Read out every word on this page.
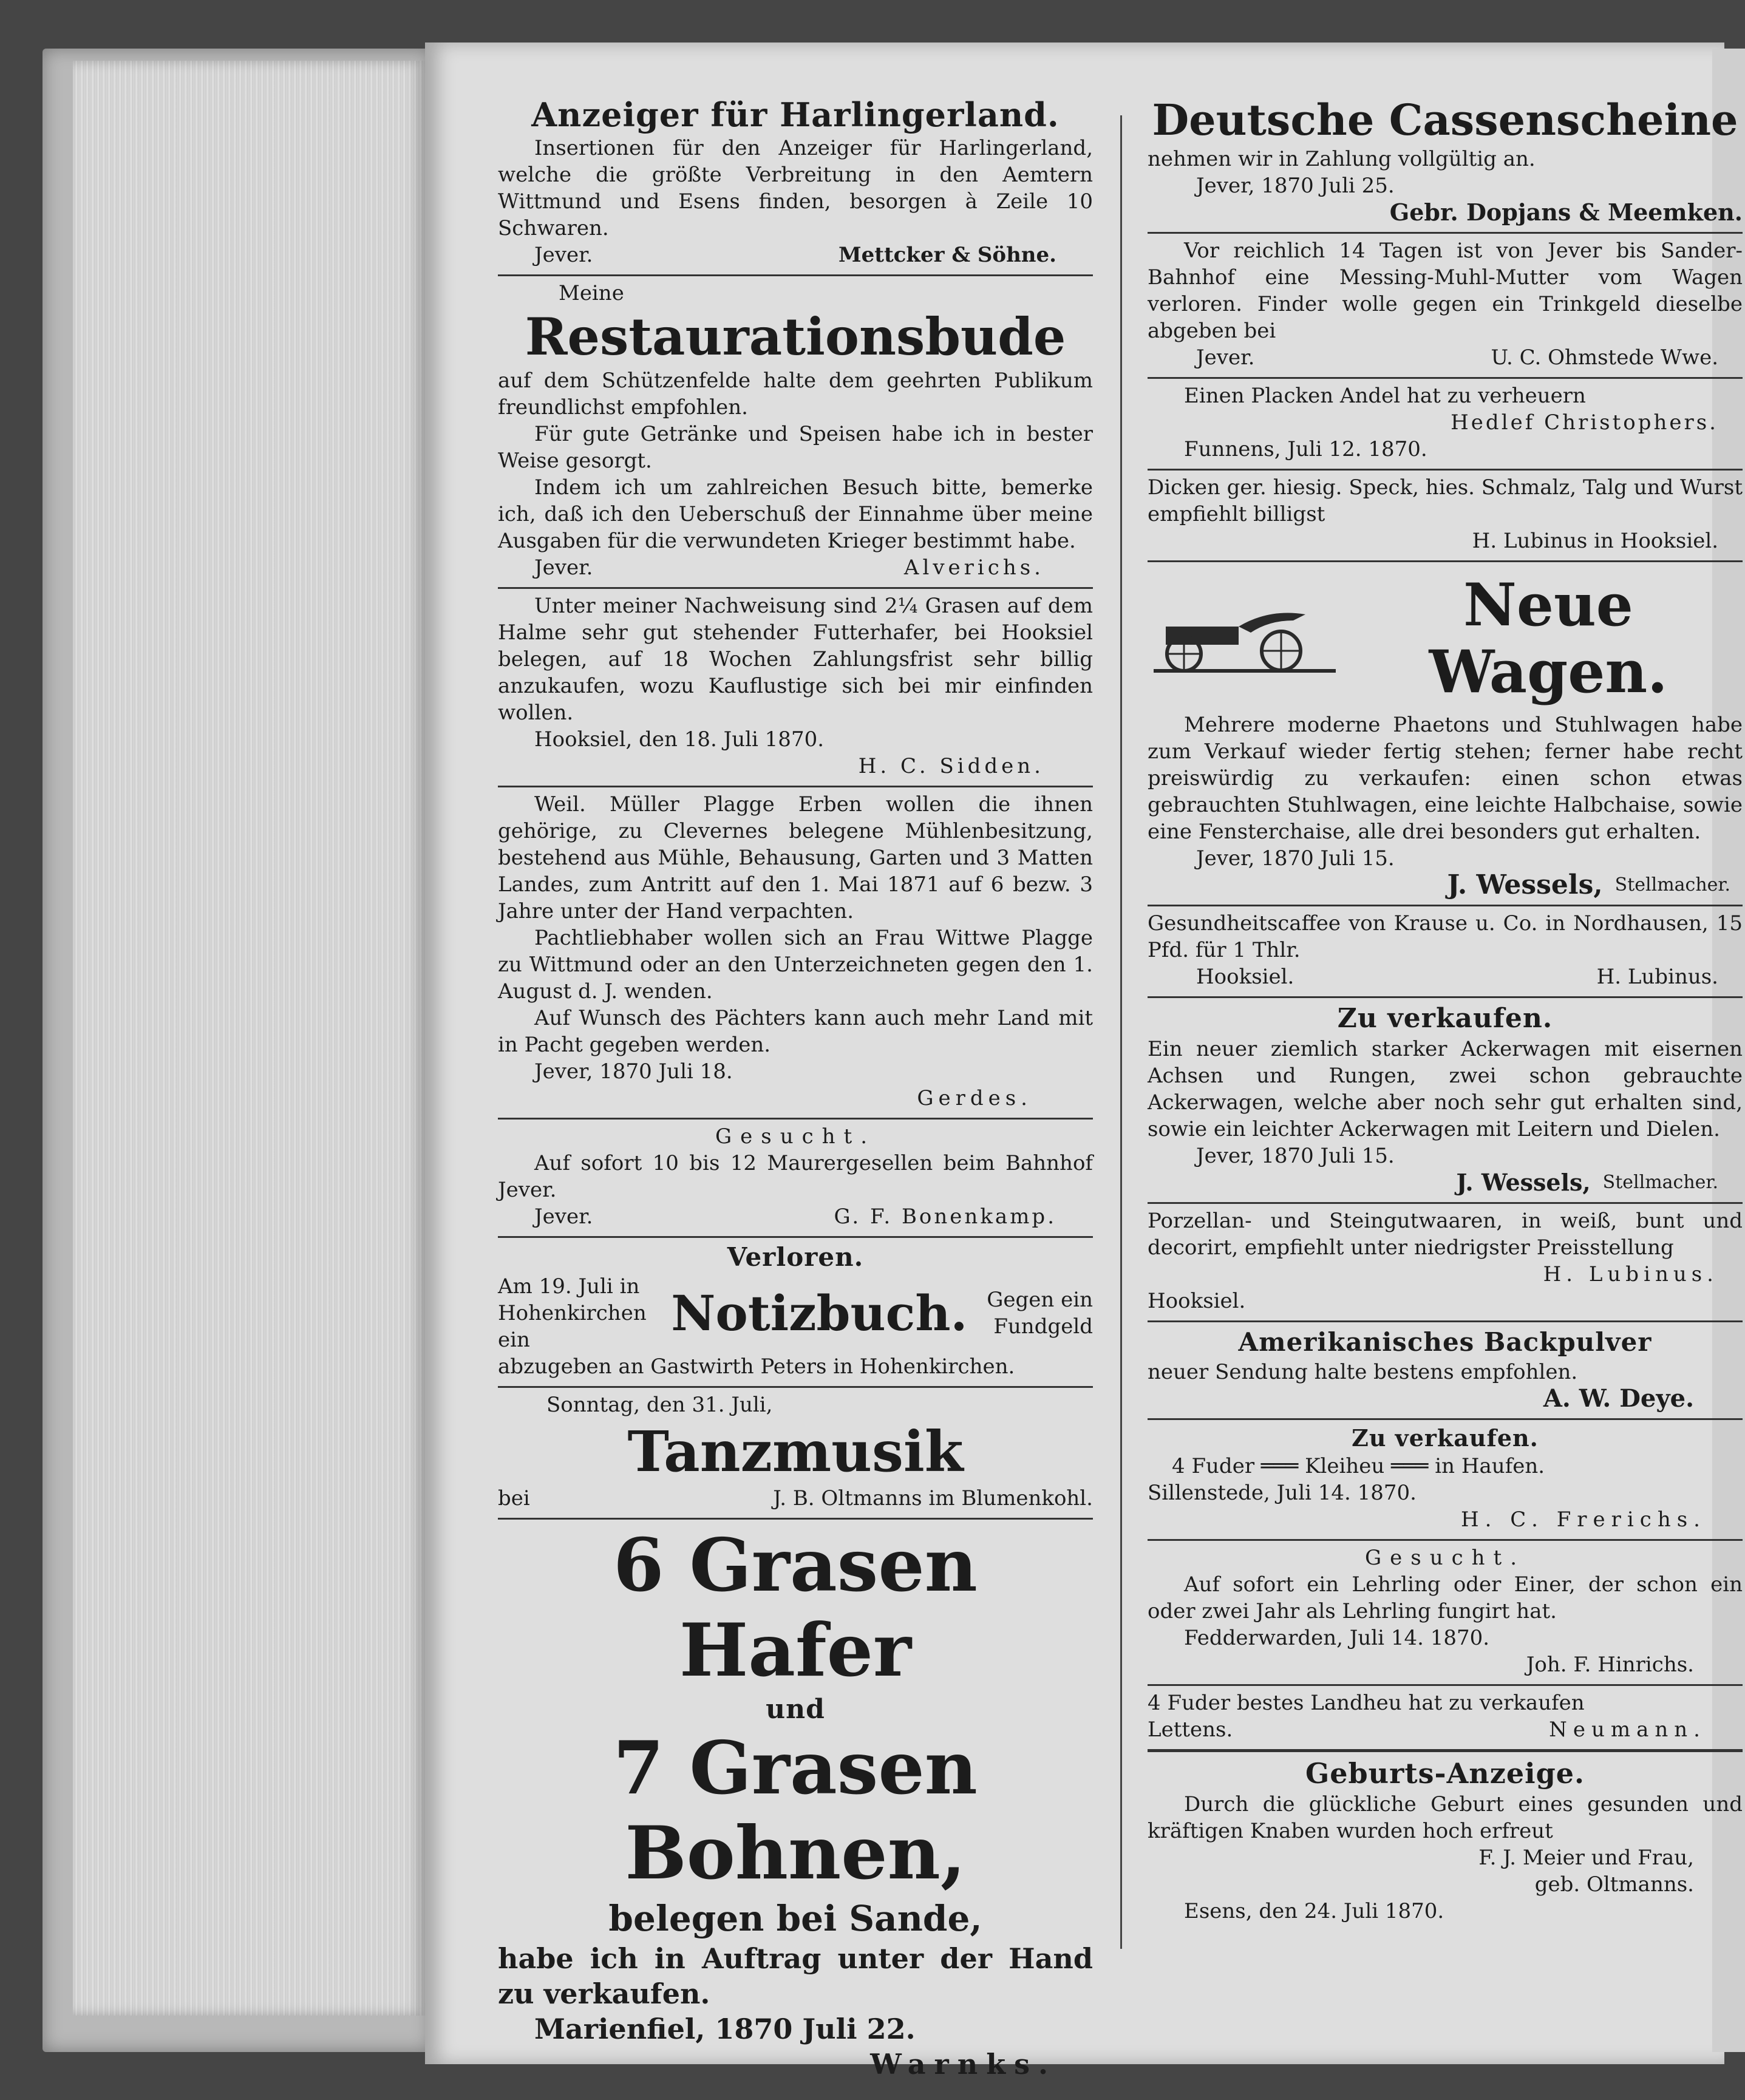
Anzeiger für Harlingerland.
Insertionen für den Anzeiger für Harlingerland, welche die größte Verbreitung in den Aemtern Wittmund und Esens finden, besorgen à Zeile 10 Schwaren.
Jever.	Mettcker & Söhne.
Meine
Restaurationsbude
auf dem Schützenfelde halte dem geehrten Publikum freundlichst empfohlen.
Für gute Getränke und Speisen habe ich in bester Weise gesorgt.
Indem ich um zahlreichen Besuch bitte, bemerke ich, daß ich den Ueberschuß der Einnahme über meine Ausgaben für die verwundeten Krieger bestimmt habe.
Jever.	Alverichs.
Unter meiner Nachweisung sind 2¼ Grasen auf dem Halme sehr gut stehender Futterhafer, bei Hooksiel belegen, auf 18 Wochen Zahlungsfrist sehr billig anzukaufen, wozu Kauflustige sich bei mir einfinden wollen.
Hooksiel, den 18. Juli 1870.
H. C. Sidden.
Weil. Müller Plagge Erben wollen die ihnen gehörige, zu Clevernes belegene Mühlenbesitzung, bestehend aus Mühle, Behausung, Garten und 3 Matten Landes, zum Antritt auf den 1. Mai 1871 auf 6 bezw. 3 Jahre unter der Hand verpachten.
Pachtliebhaber wollen sich an Frau Wittwe Plagge zu Wittmund oder an den Unterzeichneten gegen den 1. August d. J. wenden.
Auf Wunsch des Pächters kann auch mehr Land mit in Pacht gegeben werden.
Jever, 1870 Juli 18.
Gerdes.
Gesucht.
Auf sofort 10 bis 12 Maurergesellen beim Bahnhof Jever.
Jever.	G. F. Bonenkamp.
Verloren.
Am 19. Juli in Hohenkirchen ein	Notizbuch. Gegen ein Fundgeld
abzugeben an Gastwirth Peters in Hohenkirchen.
Sonntag, den 31. Juli,
Tanzmusik
bei	J. B. Oltmanns im Blumenkohl.
6 Grasen Hafer
und
7 Grasen Bohnen,
belegen bei Sande,
habe ich in Auftrag unter der Hand zu verkaufen.
Marienfiel, 1870 Juli 22.
Warnks.
Deutsche Cassenscheine
nehmen wir in Zahlung vollgültig an.
Jever, 1870 Juli 25.
Gebr. Dopjans & Meemken.
Vor reichlich 14 Tagen ist von Jever bis Sander-Bahnhof eine Messing-Muhl-Mutter vom Wagen verloren. Finder wolle gegen ein Trinkgeld dieselbe abgeben bei
Jever.	U. C. Ohmstede Wwe.
Einen Placken Andel hat zu verheuern
Hedlef Christophers.
Funnens, Juli 12. 1870.
Dicken ger. hiesig. Speck, hies. Schmalz, Talg und Wurst empfiehlt billigst
H. Lubinus in Hooksiel.
Neue Wagen.
Mehrere moderne Phaetons und Stuhlwagen habe zum Verkauf wieder fertig stehen; ferner habe recht preiswürdig zu verkaufen: einen schon etwas gebrauchten Stuhlwagen, eine leichte Halbchaise, sowie eine Fensterchaise, alle drei besonders gut erhalten.
Jever, 1870 Juli 15.
J. Wessels, Stellmacher.
Gesundheitscaffee von Krause u. Co. in Nordhausen, 15 Pfd. für 1 Thlr.
Hooksiel.	H. Lubinus.
Zu verkaufen.
Ein neuer ziemlich starker Ackerwagen mit eisernen Achsen und Rungen, zwei schon gebrauchte Ackerwagen, welche aber noch sehr gut erhalten sind, sowie ein leichter Ackerwagen mit Leitern und Dielen.
Jever, 1870 Juli 15.
J. Wessels, Stellmacher.
Porzellan- und Steingutwaaren, in weiß, bunt und decorirt, empfiehlt unter niedrigster Preisstellung
H. Lubinus.
Hooksiel.
Amerikanisches Backpulver
neuer Sendung halte bestens empfohlen.
A. W. Deye.
Zu verkaufen.
4 Fuder ═══ Kleiheu ═══ in Haufen.
Sillenstede, Juli 14. 1870.
H. C. Frerichs.
Gesucht.
Auf sofort ein Lehrling oder Einer, der schon ein oder zwei Jahr als Lehrling fungirt hat.
Fedderwarden, Juli 14. 1870.
Joh. F. Hinrichs.
4 Fuder bestes Landheu hat zu verkaufen
Lettens.	Neumann.
Geburts-Anzeige.
Durch die glückliche Geburt eines gesunden und kräftigen Knaben wurden hoch erfreut
F. J. Meier und Frau,
geb. Oltmanns.
Esens, den 24. Juli 1870.
